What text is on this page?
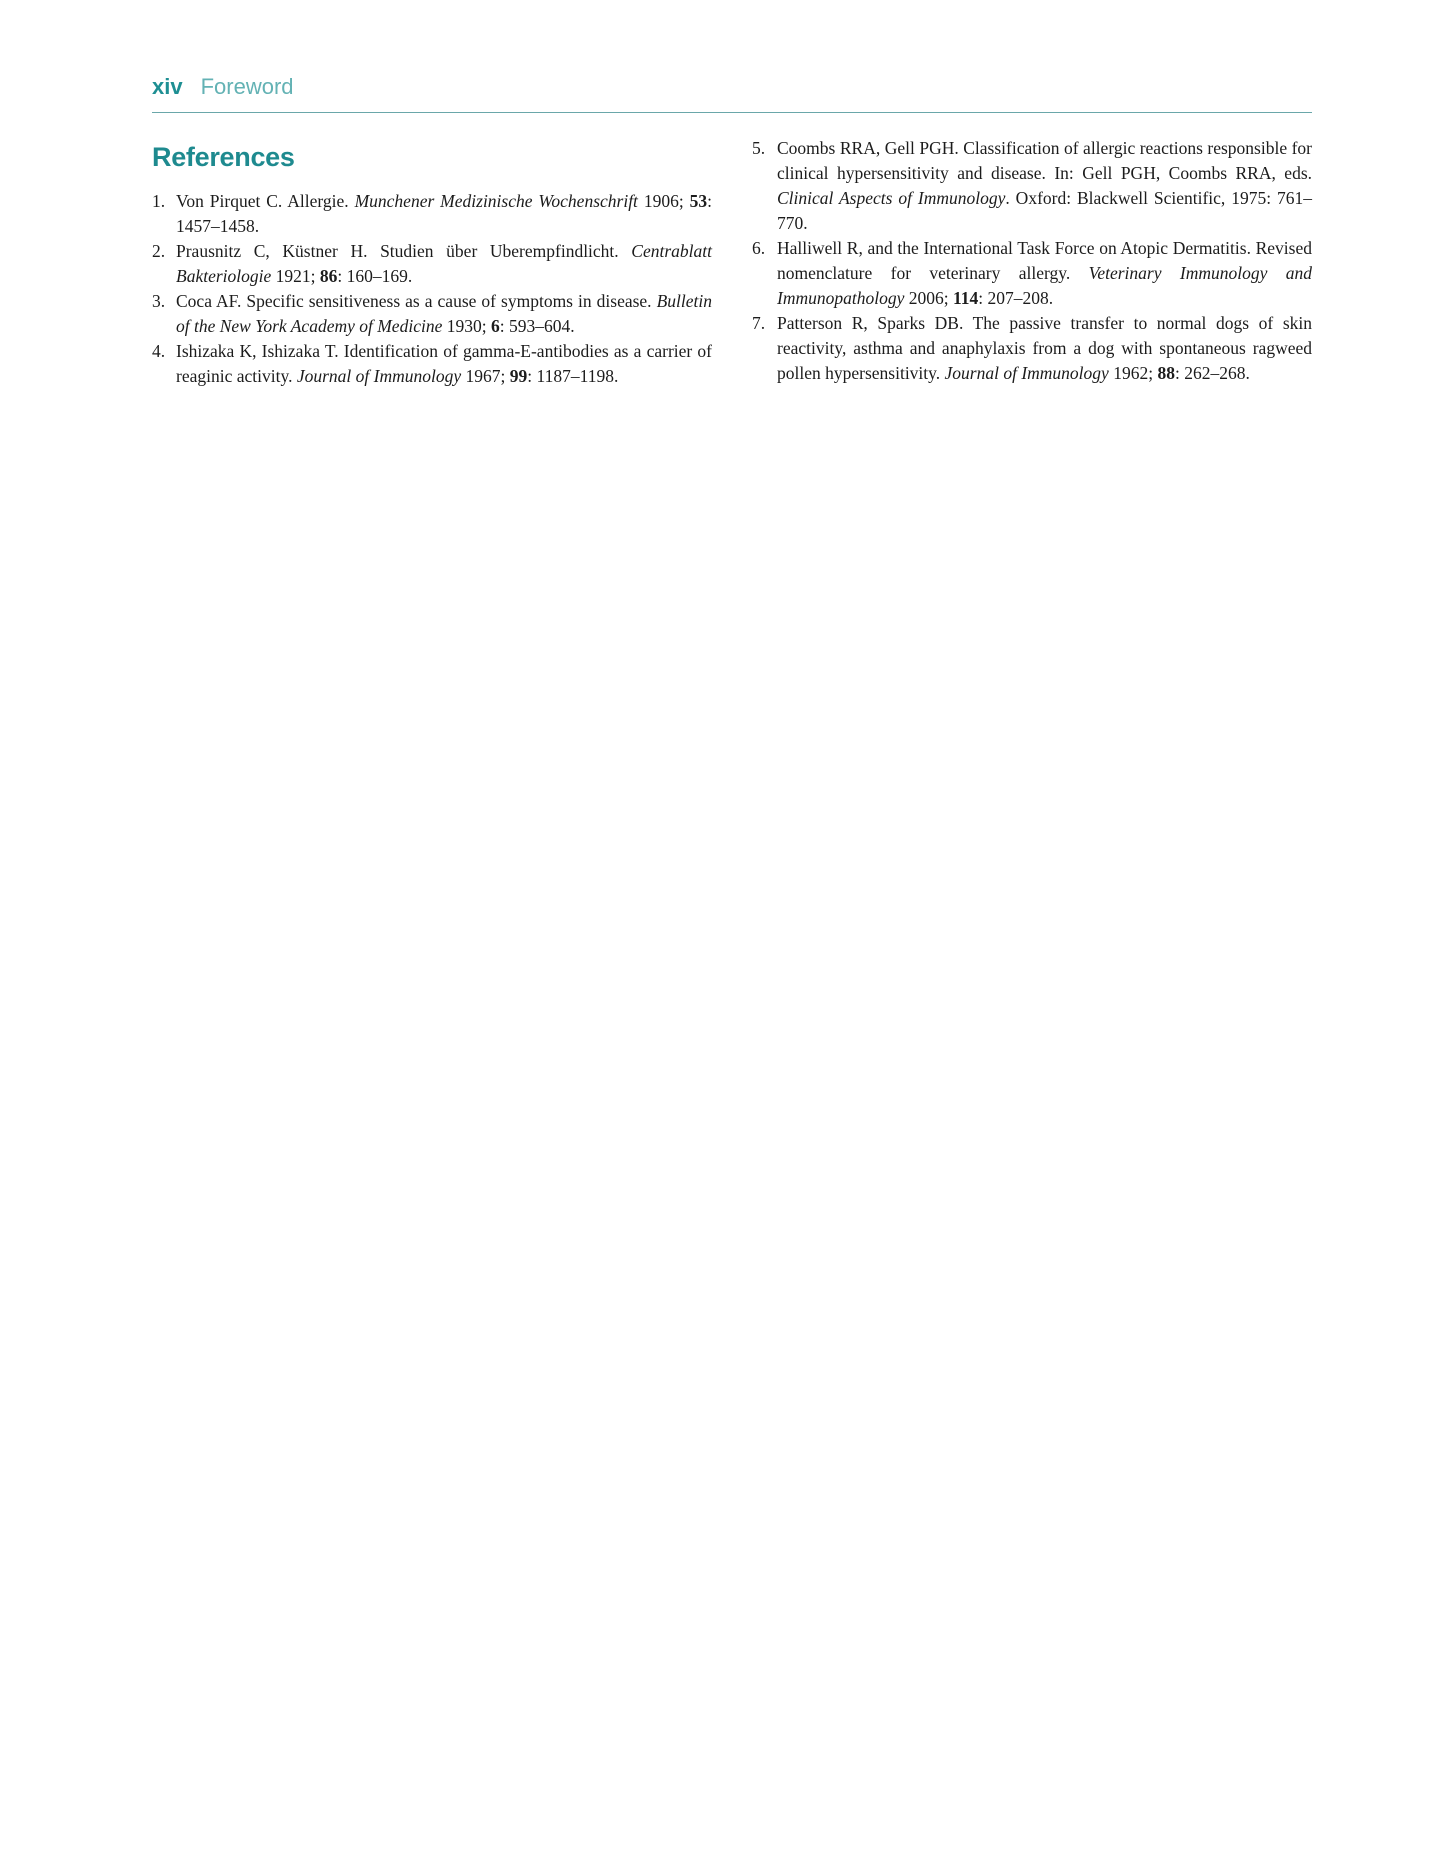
xiv Foreword
References
1. Von Pirquet C. Allergie. Munchener Medizinische Wochenschrift 1906; 53: 1457–1458.
2. Prausnitz C, Küstner H. Studien über Uberempfindlicht. Centrablatt Bakteriologie 1921; 86: 160–169.
3. Coca AF. Specific sensitiveness as a cause of symptoms in disease. Bulletin of the New York Academy of Medicine 1930; 6: 593–604.
4. Ishizaka K, Ishizaka T. Identification of gamma-E-antibodies as a carrier of reaginic activity. Journal of Immunology 1967; 99: 1187–1198.
5. Coombs RRA, Gell PGH. Classification of allergic reactions responsible for clinical hypersensitivity and disease. In: Gell PGH, Coombs RRA, eds. Clinical Aspects of Immunology. Oxford: Blackwell Scientific, 1975: 761–770.
6. Halliwell R, and the International Task Force on Atopic Dermatitis. Revised nomenclature for veterinary allergy. Veterinary Immunology and Immunopathology 2006; 114: 207–208.
7. Patterson R, Sparks DB. The passive transfer to normal dogs of skin reactivity, asthma and anaphylaxis from a dog with spontaneous ragweed pollen hypersensitivity. Journal of Immunology 1962; 88: 262–268.
